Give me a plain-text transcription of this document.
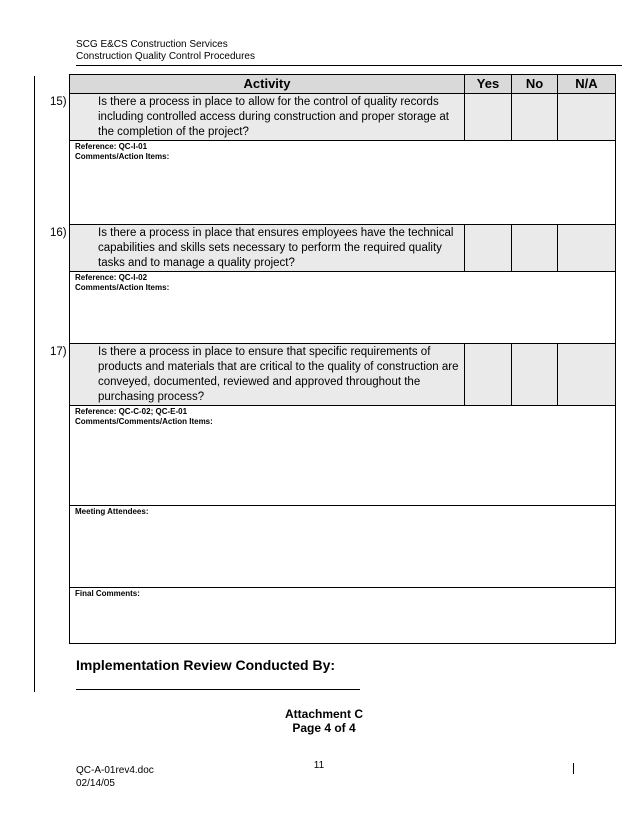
SCG E&CS Construction Services
Construction Quality Control Procedures
Activity	Yes	No	N/A

15) Is there a process in place to allow for the control of quality records including controlled access during construction and proper storage at the completion of the project?			

Reference: QC-I-01
Comments/Action Items:			

16) Is there a process in place that ensures employees have the technical capabilities and skills sets necessary to perform the required quality tasks and to manage a quality project?			

Reference: QC-I-02
Comments/Action Items:			

17) Is there a process in place to ensure that specific requirements of products and materials that are critical to the quality of construction are conveyed, documented, reviewed and approved throughout the purchasing process?			

Reference: QC-C-02; QC-E-01
Comments/Comments/Action Items:			

Meeting Attendees:			

Final Comments:			
Implementation Review Conducted By:
Attachment C
Page 4 of 4
11
QC-A-01rev4.doc
02/14/05
